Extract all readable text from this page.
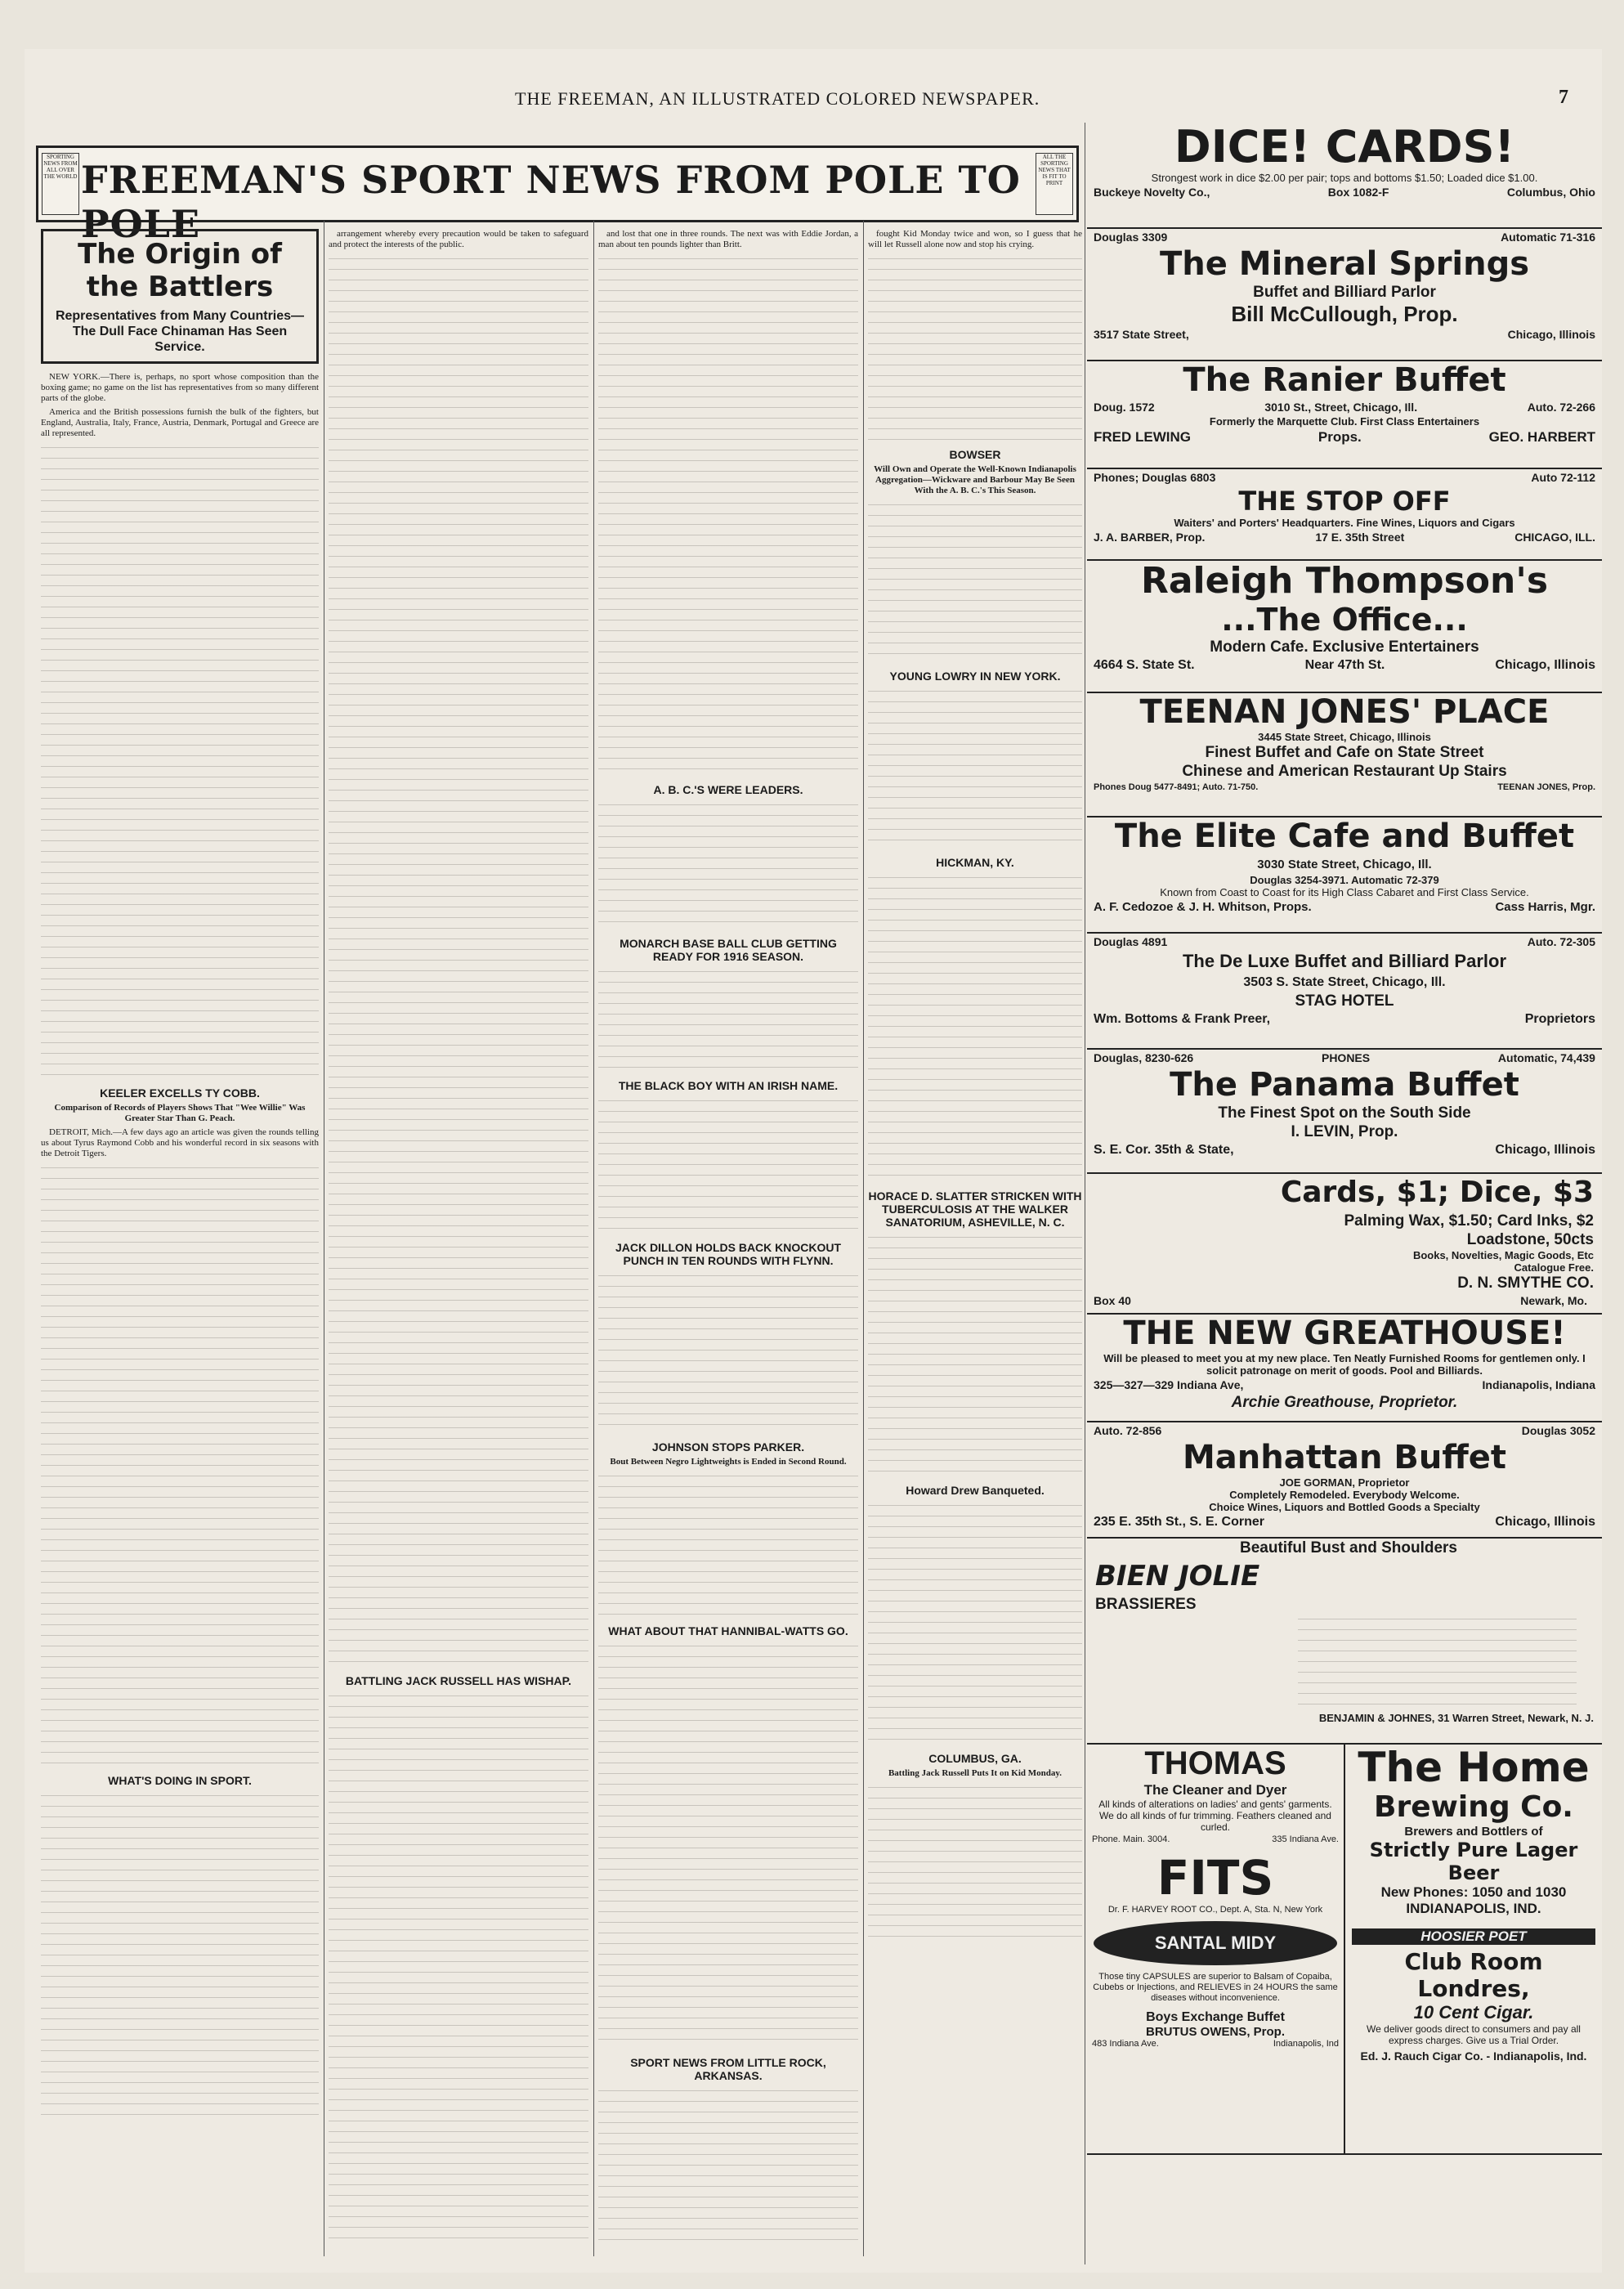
THE FREEMAN, AN ILLUSTRATED COLORED NEWSPAPER.	7
SPORTING NEWS FROM ALL OVER THE WORLD FREEMAN'S SPORT NEWS FROM POLE TO POLE
ALL THE SPORTING NEWS THAT IS FIT TO PRINT
The Origin of the Battlers
Representatives from Many Countries—The Dull Face Chinaman Has Seen Service.

NEW YORK.—There is, perhaps, no sport whose composition than the boxing game; no game on the list has representatives from so many different parts of the globe.

America and the British possessions furnish the bulk of the fighters, but England, Australia, Italy, France, Austria, Denmark, Portugal and Greece are all represented.

KEELER EXCELLS TY COBB.
Comparison of Records of Players Shows That "Wee Willie" Was Greater Star Than G. Peach.

DETROIT, Mich.—A few days ago an article was given the rounds telling us about Tyrus Raymond Cobb and his wonderful record in six seasons with the Detroit Tigers.

WHAT'S DOING IN SPORT.

arrangement whereby every precaution would be taken to safeguard and protect the interests of the public.

BATTLING JACK RUSSELL HAS WISHAP.

and lost that one in three rounds. The next was with Eddie Jordan, a man about ten pounds lighter than Britt.

A. B. C.'S WERE LEADERS.
MONARCH BASE BALL CLUB GETTING READY FOR 1916 SEASON.
THE BLACK BOY WITH AN IRISH NAME.
JACK DILLON HOLDS BACK KNOCKOUT PUNCH IN TEN ROUNDS WITH FLYNN.
JOHNSON STOPS PARKER.
Bout Between Negro Lightweights is Ended in Second Round.
WHAT ABOUT THAT HANNIBAL-WATTS GO.
SPORT NEWS FROM LITTLE ROCK, ARKANSAS.

fought Kid Monday twice and won, so I guess that he will let Russell alone now and stop his crying.

BOWSER
Will Own and Operate the Well-Known Indianapolis Aggregation—Wickware and Barbour May Be Seen With the A. B. C.'s This Season.
YOUNG LOWRY IN NEW YORK.
HICKMAN, KY.
HORACE D. SLATTER STRICKEN WITH TUBERCULOSIS AT THE WALKER SANATORIUM, ASHEVILLE, N. C.
Howard Drew Banqueted.
COLUMBUS, GA.
Battling Jack Russell Puts It on Kid Monday.
DICE! CARDS!
Strongest work in dice $2.00 per pair; tops and bottoms $1.50; Loaded dice $1.00.
Buckeye Novelty Co.,	Box 1082-F	Columbus, Ohio
Douglas 3309	Automatic 71-316
The Mineral Springs
Buffet and Billiard Parlor
Bill McCullough, Prop.
3517 State Street,	Chicago, Illinois
The Ranier Buffet
Doug. 1572	3010 St., Street, Chicago, Ill.	Auto. 72-266
Formerly the Marquette Club. First Class Entertainers
FRED LEWING	Props.	GEO. HARBERT
Phones; Douglas 6803	Auto 72-112
THE STOP OFF
Waiters' and Porters' Headquarters. Fine Wines, Liquors and Cigars
J. A. BARBER, Prop.	17 E. 35th Street	CHICAGO, ILL.
Raleigh Thompson's
...The Office...
Modern Cafe. Exclusive Entertainers
4664 S. State St.	Near 47th St.	Chicago, Illinois
TEENAN JONES' PLACE
3445 State Street, Chicago, Illinois
Finest Buffet and Cafe on State Street
Chinese and American Restaurant Up Stairs
Phones Doug 5477-8491; Auto. 71-750.	TEENAN JONES, Prop.
The Elite Cafe and Buffet
3030 State Street, Chicago, Ill.
Douglas 3254-3971. Automatic 72-379
Known from Coast to Coast for its High Class Cabaret and First Class Service.
A. F. Cedozoe & J. H. Whitson, Props.	Cass Harris, Mgr.
Douglas 4891	Auto. 72-305
The De Luxe Buffet and Billiard Parlor
3503 S. State Street, Chicago, Ill.
STAG HOTEL
Wm. Bottoms & Frank Preer,	Proprietors
Douglas, 8230-626	PHONES	Automatic, 74,439
The Panama Buffet
The Finest Spot on the South Side
I. LEVIN, Prop.
S. E. Cor. 35th & State,	Chicago, Illinois
Cards, $1; Dice, $3
Palming Wax, $1.50; Card Inks, $2
Loadstone, 50cts
Books, Novelties, Magic Goods, Etc
Catalogue Free.
D. N. SMYTHE CO.
Box 40	Newark, Mo.
THE NEW GREATHOUSE!
Will be pleased to meet you at my new place. Ten Neatly Furnished Rooms for gentlemen only. I solicit patronage on merit of goods. Pool and Billiards.
325—327—329 Indiana Ave,	Indianapolis, Indiana
Archie Greathouse, Proprietor.
Auto. 72-856	Douglas 3052
Manhattan Buffet
JOE GORMAN, Proprietor
Completely Remodeled. Everybody Welcome.
Choice Wines, Liquors and Bottled Goods a Specialty
235 E. 35th St., S. E. Corner	Chicago, Illinois
Beautiful Bust and Shoulders
BIEN JOLIE
BRASSIERES
BENJAMIN & JOHNES, 31 Warren Street, Newark, N. J.
THOMAS
The Cleaner and Dyer
All kinds of alterations on ladies' and gents' garments. We do all kinds of fur trimming. Feathers cleaned and curled.
Phone. Main. 3004.	335 Indiana Ave.
FITS
Dr. F. HARVEY ROOT CO., Dept. A, Sta. N, New York
SANTAL MIDY
Those tiny CAPSULES are superior to Balsam of Copaiba, Cubebs or Injections, and RELIEVES in 24 HOURS the same diseases without inconvenience.
Boys Exchange Buffet
BRUTUS OWENS, Prop.
483 Indiana Ave.	Indianapolis, Ind
The Home
Brewing Co.
Brewers and Bottlers of
Strictly Pure Lager Beer
New Phones: 1050 and 1030
INDIANAPOLIS, IND.
HOOSIER POET
Club Room Londres,
10 Cent Cigar.
We deliver goods direct to consumers and pay all express charges. Give us a Trial Order.
Ed. J. Rauch Cigar Co. - Indianapolis, Ind.
